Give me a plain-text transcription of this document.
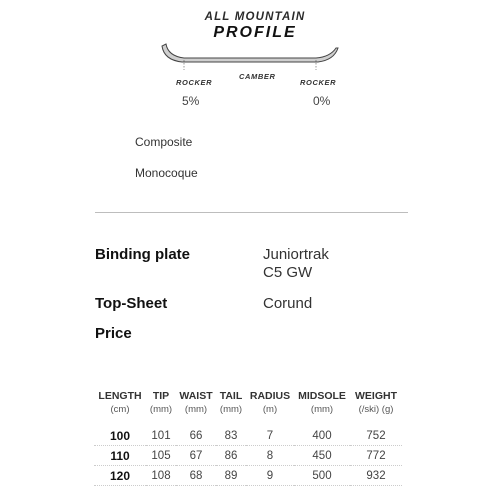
ALL MOUNTAIN
PROFILE
ROCKER
CAMBER
ROCKER
5%	0%
Composite
Monocoque
Binding plate	Juniortrak
C5 GW
Top-Sheet	Corund
Price
LENGTH	TIP	WAIST	TAIL	RADIUS	MIDSOLE	WEIGHT
(cm)	(mm)	(mm)	(mm)	(m)	(mm)	(/ski) (g)
100	101	66	83	7	400	752
110	105	67	86	8	450	772
120	108	68	89	9	500	932
